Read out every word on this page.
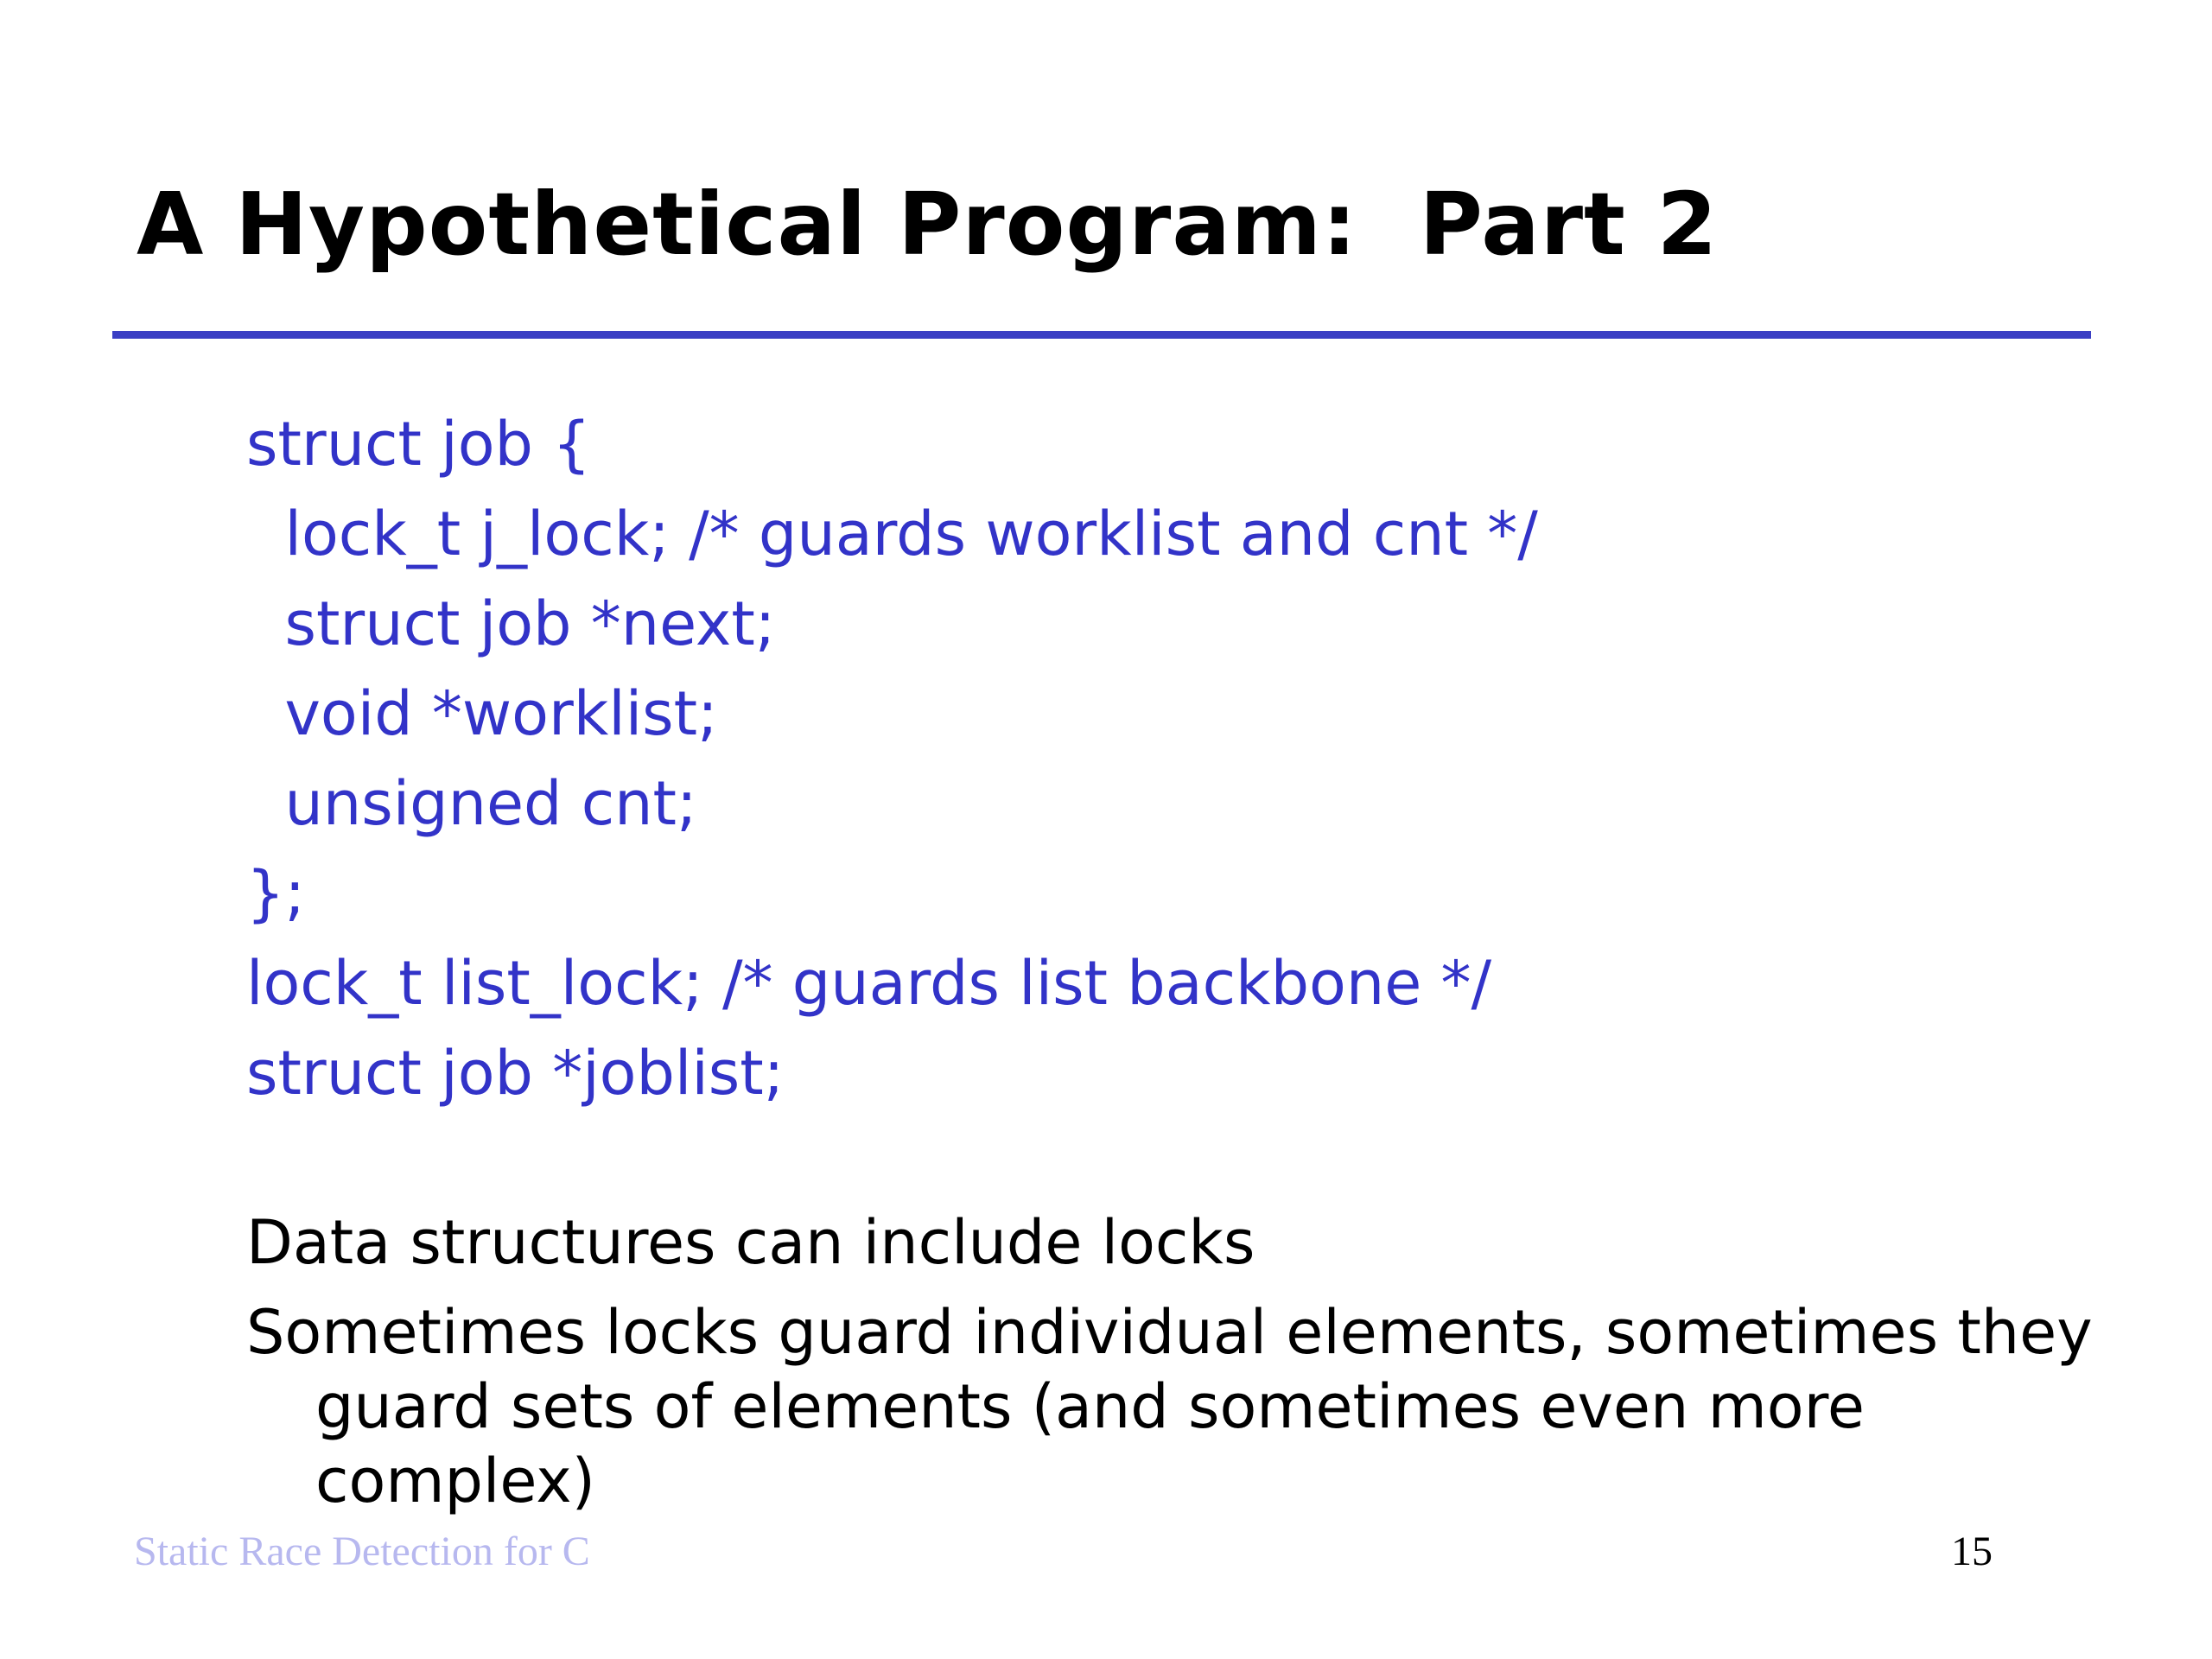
A Hypothetical Program:  Part 2
struct job {
lock_t j_lock; /* guards worklist and cnt */
struct job *next;
void *worklist;
unsigned cnt;
};
lock_t list_lock; /* guards list backbone */
struct job *joblist;
Data structures can include locks
Sometimes locks guard individual elements, sometimes they guard sets of elements (and sometimes even more complex)
Static Race Detection for C	15
